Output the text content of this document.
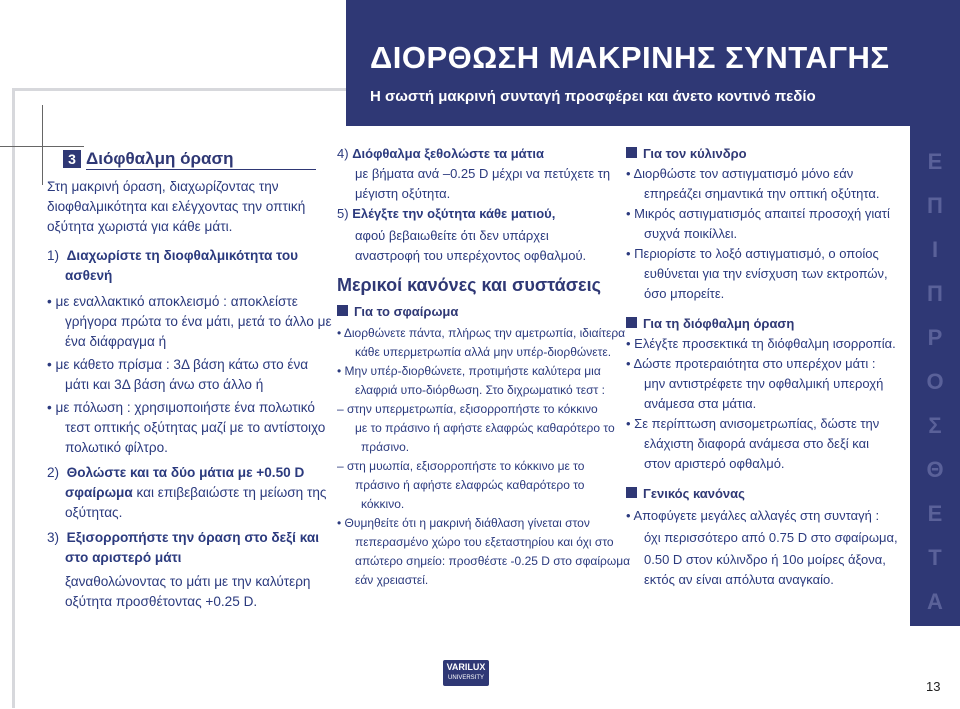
ΔΙΟΡΘΩΣΗ ΜΑΚΡΙΝΗΣ ΣΥΝΤΑΓΗΣ
Η σωστή μακρινή συνταγή προσφέρει και άνετο κοντινό πεδίο
3 Διόφθαλμη όραση

Στη μακρινή όραση, διαχωρίζοντας την

διοφθαλμικότητα και ελέγχοντας την οπτική

οξύτητα χωριστά για κάθε μάτι.

1) Διαχωρίστε τη διοφθαλμικότητα του

ασθενή

• με εναλλακτικό αποκλεισμό : αποκλείστε

γρήγορα πρώτα το ένα μάτι, μετά το άλλο με

ένα διάφραγμα ή

• με κάθετο πρίσμα : 3Δ βάση κάτω στο ένα

μάτι και 3Δ βάση άνω στο άλλο ή

• με πόλωση : χρησιμοποιήστε ένα πολωτικό

τεστ οπτικής οξύτητας μαζί με το αντίστοιχο

πολωτικό φίλτρο.

2) Θολώστε και τα δύο μάτια με +0.50 D

σφαίρωμα και επιβεβαιώστε τη μείωση της

οξύτητας.

3) Εξισορροπήστε την όραση στο δεξί και

στο αριστερό μάτι

ξαναθολώνοντας το μάτι με την καλύτερη

οξύτητα προσθέτοντας +0.25 D.

4) Διόφθαλμα ξεθολώστε τα μάτια

με βήματα ανά –0.25 D μέχρι να πετύχετε τη

μέγιστη οξύτητα.

5) Ελέγξτε την οξύτητα κάθε ματιού,

αφού βεβαιωθείτε ότι δεν υπάρχει

αναστροφή του υπερέχοντος οφθαλμού.

Μερικοί κανόνες και συστάσεις

Για το σφαίρωμα

• Διορθώνετε πάντα, πλήρως την αμετρωπία, ιδιαίτερα

κάθε υπερμετρωπία αλλά μην υπέρ-διορθώνετε.

• Μην υπέρ-διορθώνετε, προτιμήστε καλύτερα μια

ελαφριά υπο-διόρθωση. Στο διχρωματικό τεστ :

– στην υπερμετρωπία, εξισορροπήστε το κόκκινο

με το πράσινο ή αφήστε ελαφρώς καθαρότερο το

πράσινο.

– στη μυωπία, εξισορροπήστε το κόκκινο με το

πράσινο ή αφήστε ελαφρώς καθαρότερο το

κόκκινο.

• Θυμηθείτε ότι η μακρινή διάθλαση γίνεται στον

πεπερασμένο χώρο του εξεταστηρίου και όχι στο

απώτερο σημείο: προσθέστε -0.25 D στο σφαίρωμα

εάν χρειαστεί.

Για τον κύλινδρο

• Διορθώστε τον αστιγματισμό μόνο εάν

επηρεάζει σημαντικά την οπτική οξύτητα.

• Μικρός αστιγματισμός απαιτεί προσοχή γιατί

συχνά ποικίλλει.

• Περιορίστε το λοξό αστιγματισμό, ο οποίος

ευθύνεται για την ενίσχυση των εκτροπών,

όσο μπορείτε.

Για τη διόφθαλμη όραση

• Ελέγξτε προσεκτικά τη διόφθαλμη ισορροπία.

• Δώστε προτεραιότητα στο υπερέχον μάτι :

μην αντιστρέφετε την οφθαλμική υπεροχή

ανάμεσα στα μάτια.

• Σε περίπτωση ανισομετρωπίας, δώστε την

ελάχιστη διαφορά ανάμεσα στο δεξί και

στον αριστερό οφθαλμό.

Γενικός κανόνας

• Αποφύγετε μεγάλες αλλαγές στη συνταγή :

όχι περισσότερο από 0.75 D στο σφαίρωμα,

0.50 D στον κύλινδρο ή 10ο μοίρες άξονα,

εκτός αν είναι απόλυτα αναγκαίο.

Ε
Π
Ι
Π
Ρ
Ο
Σ
Θ
Ε
Τ
Α
VARILUX
UNIVERSITY
13
